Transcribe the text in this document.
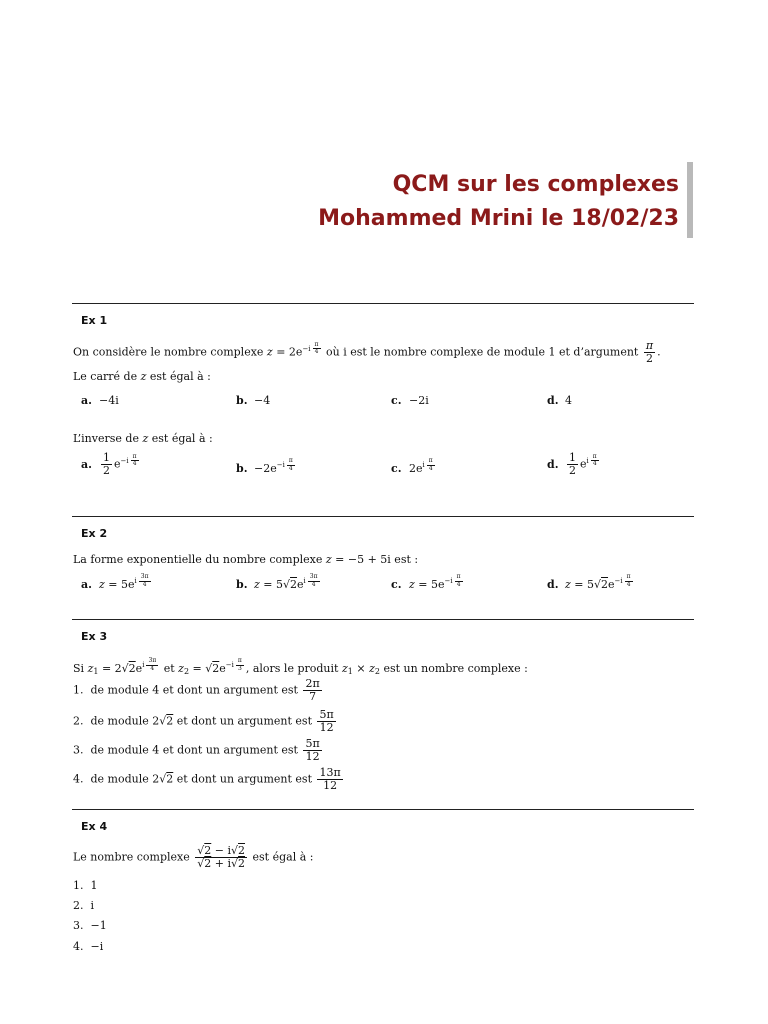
QCM sur les complexes
Mohammed Mrini le 18/02/23
Ex 1
On considère le nombre complexe $z = 2e^{-i \frac{\pi}{4}}$ où i est le nombre complexe de module 1 et d’argument $\frac{\pi}{2}$ .
Le carré de z est égal à :
a. −4i	b. −4	c. −2i	d. 4
L’inverse de z est égal à :
a. $\frac{1}{2} e^{-i \frac{\pi}{4}}$
b. $-2e^{-i \frac{\pi}{4}}$	c. $2e^{i \frac{\pi}{4}}$	d. $\frac{1}{2} e^{i \frac{\pi}{4}}$
Ex 2
La forme exponentielle du nombre complexe z = −5 + 5i est :
a. $z = 5e^{i \frac{3\pi}{4}}$	b. $z = 5√2e^{i \frac{3\pi}{4}}$	c. $z = 5e^{-i \frac{\pi}{4}}$	d. $z = 5√2e^{-i \frac{\pi}{4}}$
Ex 3
Si $z_1 = 2√2e^{i \frac{3\pi}{4}}$ et $z_2 = √2e^{-i \frac{\pi}{3}}$ , alors le produit $z_1 \times z_2$ est un nombre complexe :
1. de module 4 et dont un argument est $\frac{2\pi}{7}$
2. de module 2√2 et dont un argument est $\frac{5\pi}{12}$
3. de module 4 et dont un argument est $\frac{5\pi}{12}$
4. de module 2√2 et dont un argument est $\frac{13\pi}{12}$
Ex 4
Le nombre complexe $\frac{√2 - i√2}{√2 + i√2}$ est égal à :
1. 1
2. i
3. −1
4. −i
